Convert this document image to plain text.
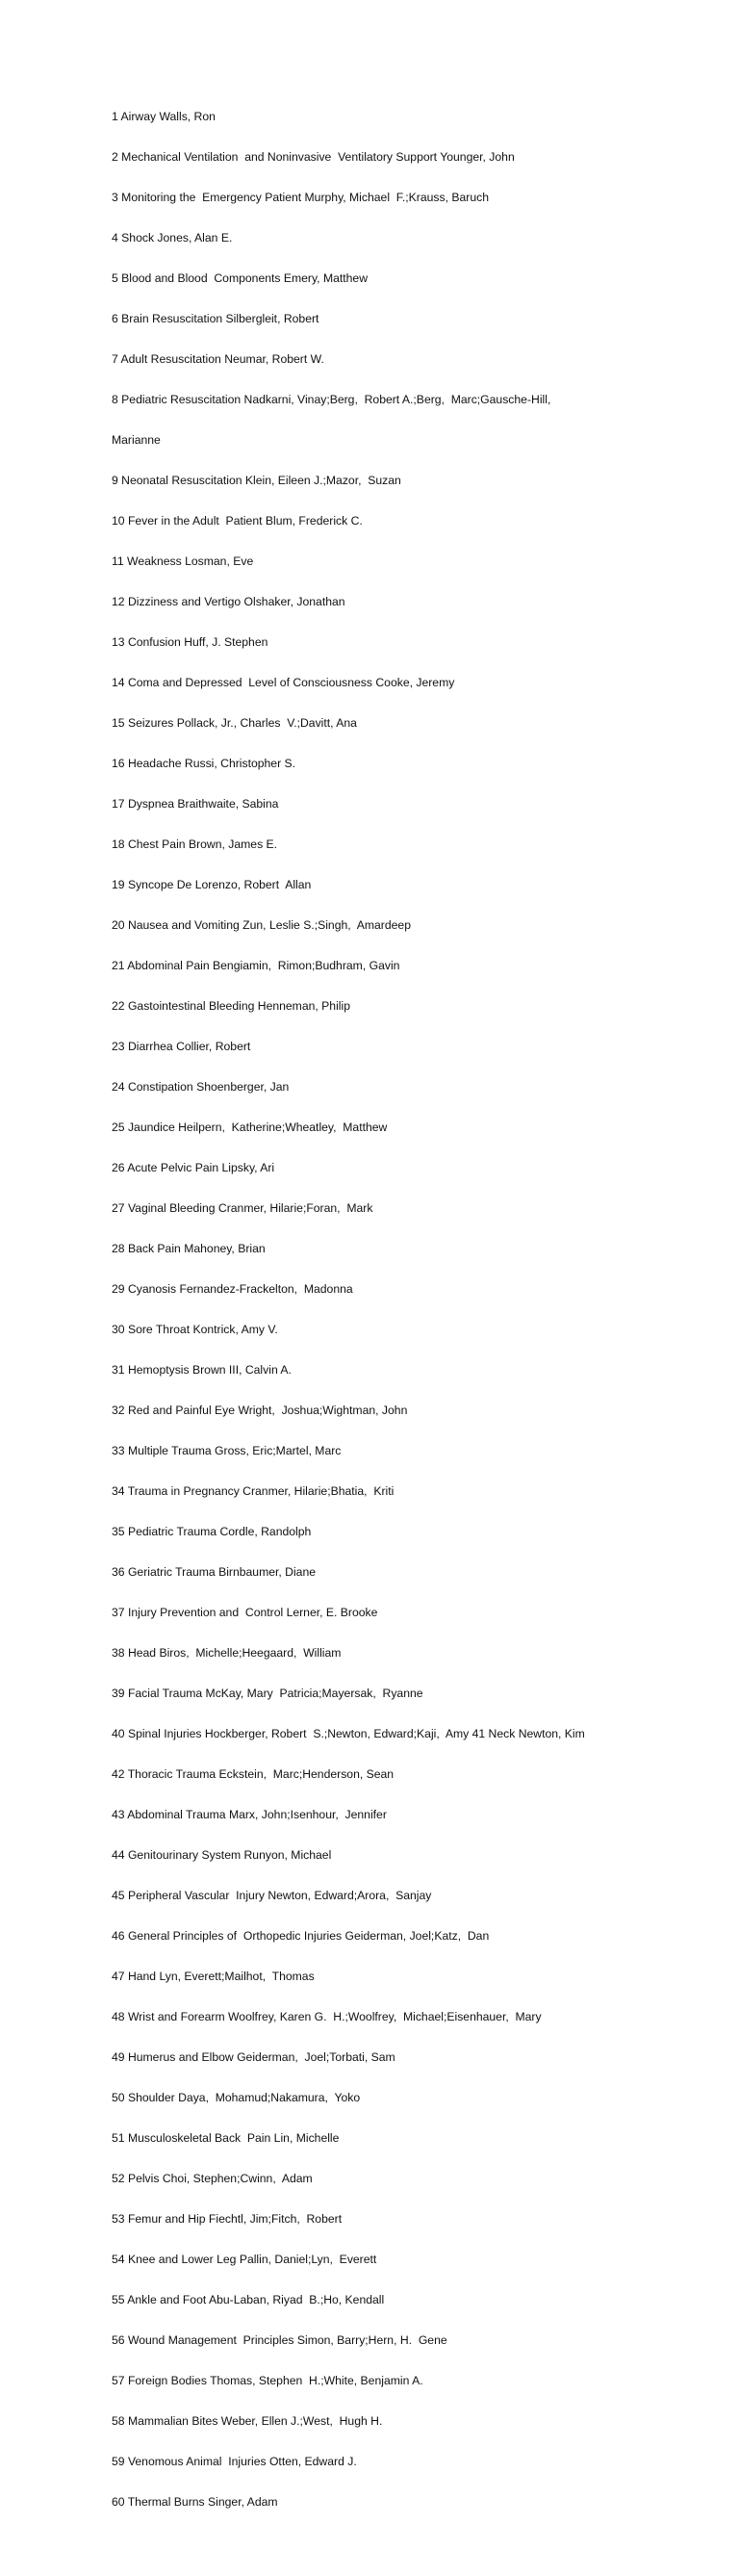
1 Airway Walls, Ron

2 Mechanical Ventilation  and Noninvasive  Ventilatory Support Younger, John

3 Monitoring the  Emergency Patient Murphy, Michael  F.;Krauss, Baruch

4 Shock Jones, Alan E.

5 Blood and Blood  Components Emery, Matthew

6 Brain Resuscitation Silbergleit, Robert

7 Adult Resuscitation Neumar, Robert W.

8 Pediatric Resuscitation Nadkarni, Vinay;Berg,  Robert A.;Berg,  Marc;Gausche-Hill,

Marianne

9 Neonatal Resuscitation Klein, Eileen J.;Mazor,  Suzan

10 Fever in the Adult  Patient Blum, Frederick C.

11 Weakness Losman, Eve

12 Dizziness and Vertigo Olshaker, Jonathan

13 Confusion Huff, J. Stephen

14 Coma and Depressed  Level of Consciousness Cooke, Jeremy

15 Seizures Pollack, Jr., Charles  V.;Davitt, Ana

16 Headache Russi, Christopher S.

17 Dyspnea Braithwaite, Sabina

18 Chest Pain Brown, James E.

19 Syncope De Lorenzo, Robert  Allan

20 Nausea and Vomiting Zun, Leslie S.;Singh,  Amardeep

21 Abdominal Pain Bengiamin,  Rimon;Budhram, Gavin

22 Gastointestinal Bleeding Henneman, Philip

23 Diarrhea Collier, Robert

24 Constipation Shoenberger, Jan

25 Jaundice Heilpern,  Katherine;Wheatley,  Matthew

26 Acute Pelvic Pain Lipsky, Ari

27 Vaginal Bleeding Cranmer, Hilarie;Foran,  Mark

28 Back Pain Mahoney, Brian

29 Cyanosis Fernandez-Frackelton,  Madonna

30 Sore Throat Kontrick, Amy V.

31 Hemoptysis Brown III, Calvin A.

32 Red and Painful Eye Wright,  Joshua;Wightman, John

33 Multiple Trauma Gross, Eric;Martel, Marc

34 Trauma in Pregnancy Cranmer, Hilarie;Bhatia,  Kriti

35 Pediatric Trauma Cordle, Randolph

36 Geriatric Trauma Birnbaumer, Diane

37 Injury Prevention and  Control Lerner, E. Brooke

38 Head Biros,  Michelle;Heegaard,  William

39 Facial Trauma McKay, Mary  Patricia;Mayersak,  Ryanne

40 Spinal Injuries Hockberger, Robert  S.;Newton, Edward;Kaji,  Amy 41 Neck Newton, Kim

42 Thoracic Trauma Eckstein,  Marc;Henderson, Sean

43 Abdominal Trauma Marx, John;Isenhour,  Jennifer

44 Genitourinary System Runyon, Michael

45 Peripheral Vascular  Injury Newton, Edward;Arora,  Sanjay

46 General Principles of  Orthopedic Injuries Geiderman, Joel;Katz,  Dan

47 Hand Lyn, Everett;Mailhot,  Thomas

48 Wrist and Forearm Woolfrey, Karen G.  H.;Woolfrey,  Michael;Eisenhauer,  Mary

49 Humerus and Elbow Geiderman,  Joel;Torbati, Sam

50 Shoulder Daya,  Mohamud;Nakamura,  Yoko

51 Musculoskeletal Back  Pain Lin, Michelle

52 Pelvis Choi, Stephen;Cwinn,  Adam

53 Femur and Hip Fiechtl, Jim;Fitch,  Robert

54 Knee and Lower Leg Pallin, Daniel;Lyn,  Everett

55 Ankle and Foot Abu-Laban, Riyad  B.;Ho, Kendall

56 Wound Management  Principles Simon, Barry;Hern, H.  Gene

57 Foreign Bodies Thomas, Stephen  H.;White, Benjamin A.

58 Mammalian Bites Weber, Ellen J.;West,  Hugh H.

59 Venomous Animal  Injuries Otten, Edward J.

60 Thermal Burns Singer, Adam
